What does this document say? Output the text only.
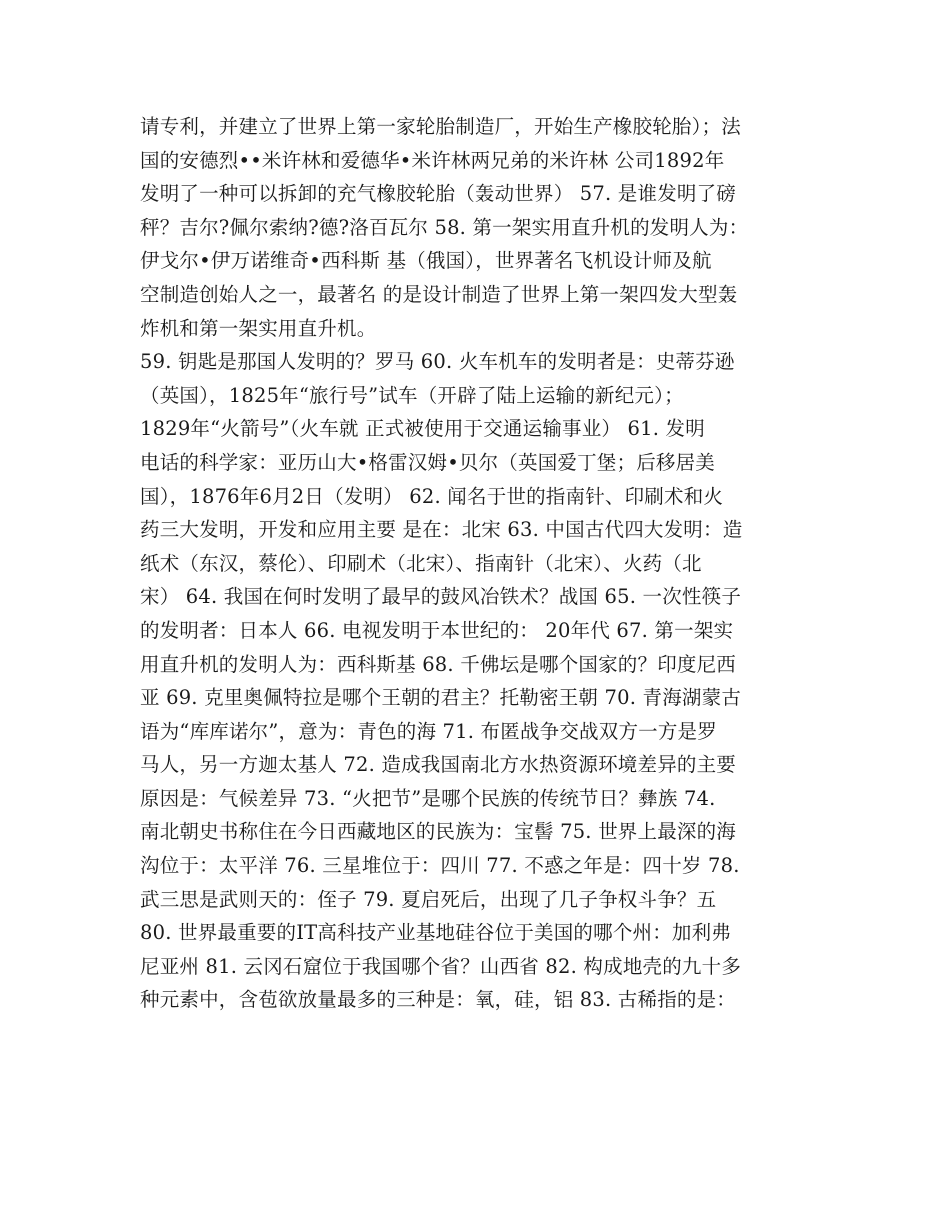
请专利，并建立了世界上第一家轮胎制造厂，开始生产橡胶轮胎）；法
国的安德烈••米许林和爱德华•米许林两兄弟的米许林 公司1892年
发明了一种可以拆卸的充气橡胶轮胎（轰动世界） 57. 是谁发明了磅
秤？吉尔?佩尔索纳?德?洛百瓦尔 58. 第一架实用直升机的发明人为：
伊戈尔•伊万诺维奇•西科斯 基（俄国），世界著名飞机设计师及航
空制造创始人之一，最著名 的是设计制造了世界上第一架四发大型轰
炸机和第一架实用直升机。
59. 钥匙是那国人发明的？罗马 60. 火车机车的发明者是：史蒂芬逊
（英国），1825年“旅行号”试车（开辟了陆上运输的新纪元）；
1829年“火箭号”（火车就 正式被使用于交通运输事业） 61. 发明
电话的科学家：亚历山大•格雷汉姆•贝尔（英国爱丁堡；后移居美
国），1876年6月2日（发明） 62. 闻名于世的指南针、印刷术和火
药三大发明，开发和应用主要 是在：北宋 63. 中国古代四大发明：造
纸术（东汉，蔡伦）、印刷术（北宋）、指南针（北宋）、火药（北
宋） 64. 我国在何时发明了最早的鼓风冶铁术？战国 65. 一次性筷子
的发明者：日本人 66. 电视发明于本世纪的： 20年代 67. 第一架实
用直升机的发明人为：西科斯基 68. 千佛坛是哪个国家的？印度尼西
亚 69. 克里奥佩特拉是哪个王朝的君主？托勒密王朝 70. 青海湖蒙古
语为“库库诺尔”，意为：青色的海 71. 布匿战争交战双方一方是罗
马人，另一方迦太基人 72. 造成我国南北方水热资源环境差异的主要
原因是：气候差异 73. “火把节”是哪个民族的传统节日？彝族 74.
南北朝史书称住在今日西藏地区的民族为：宝髻 75. 世界上最深的海
沟位于：太平洋 76. 三星堆位于：四川 77. 不惑之年是：四十岁 78.
武三思是武则天的：侄子 79. 夏启死后，出现了几子争权斗争？五
80. 世界最重要的IT高科技产业基地硅谷位于美国的哪个州：加利弗
尼亚州 81. 云冈石窟位于我国哪个省？山西省 82. 构成地壳的九十多
种元素中，含苞欲放量最多的三种是：氧，硅，铝 83. 古稀指的是：
